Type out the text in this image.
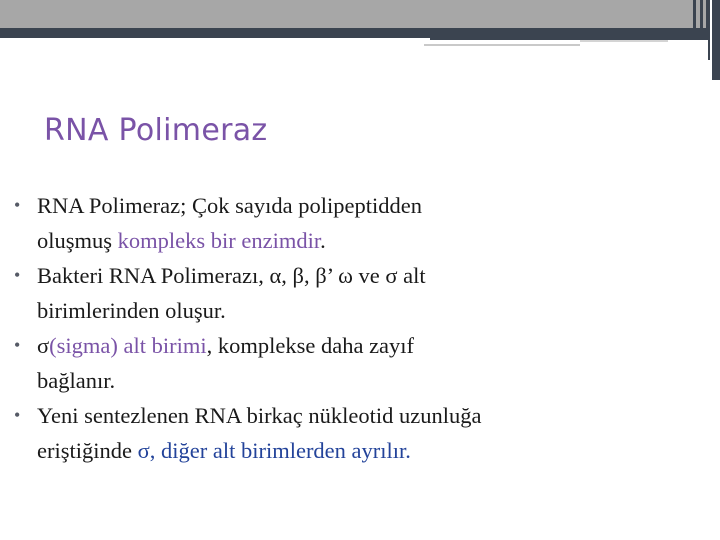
RNA Polimeraz
• RNA Polimeraz; Çok sayıda polipeptidden
oluşmuş kompleks bir enzimdir.
• Bakteri RNA Polimerazı, α, β, β’ ω ve σ alt
birimlerinden oluşur.
• σ(sigma) alt birimi, komplekse daha zayıf
bağlanır.
• Yeni sentezlenen RNA birkaç nükleotid uzunluğa
eriştiğinde σ, diğer alt birimlerden ayrılır.
